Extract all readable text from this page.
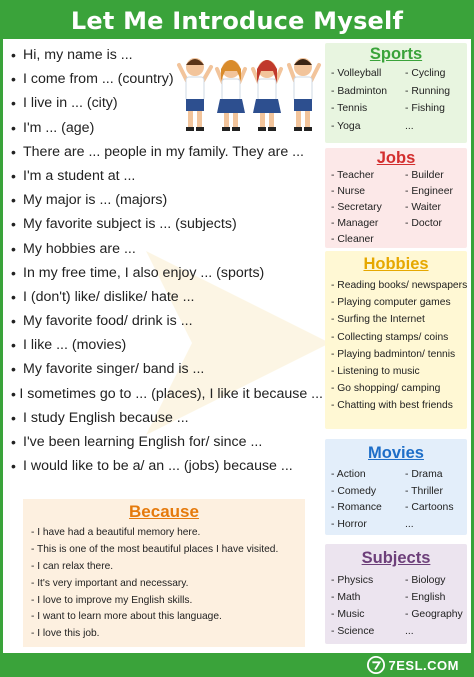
Let Me Introduce Myself
• Hi, my name is ...
• I come from ... (country)
• I live in ... (city)
• I'm ... (age)
• There are ... people in my family. They are ...
• I'm a student at ...
• My major is ... (majors)
• My favorite subject is ... (subjects)
• My hobbies are ...
• In my free time, I also enjoy ... (sports)
• I (don't) like/ dislike/ hate ...
• My favorite food/ drink is ...
• I like ... (movies)
• My favorite singer/ band is ...
• I sometimes go to ... (places), I like it because ...
• I study English because ...
• I've been learning English for/ since ...
• I would like to be a/ an ... (jobs) because ...
Sports
- Volleyball	- Cycling
- Badminton	- Running
- Tennis	- Fishing
- Yoga	...
Jobs
- Teacher	- Builder
- Nurse	- Engineer
- Secretary	- Waiter
- Manager	- Doctor
- Cleaner
Hobbies
- Reading books/ newspapers
- Playing computer games
- Surfing the Internet
- Collecting stamps/ coins
- Playing badminton/ tennis
- Listening to music
- Go shopping/ camping
- Chatting with best friends
Movies
- Action	- Drama
- Comedy	- Thriller
- Romance	- Cartoons
- Horror	...
Subjects
- Physics	- Biology
- Math	- English
- Music	- Geography
- Science	...
Because
- I have had a beautiful memory here.
- This is one of the most beautiful places I have visited.
- I can relax there.
- It's very important and necessary.
- I love to improve my English skills.
- I want to learn more about this language.
- I love this job.
7ESL.COM
